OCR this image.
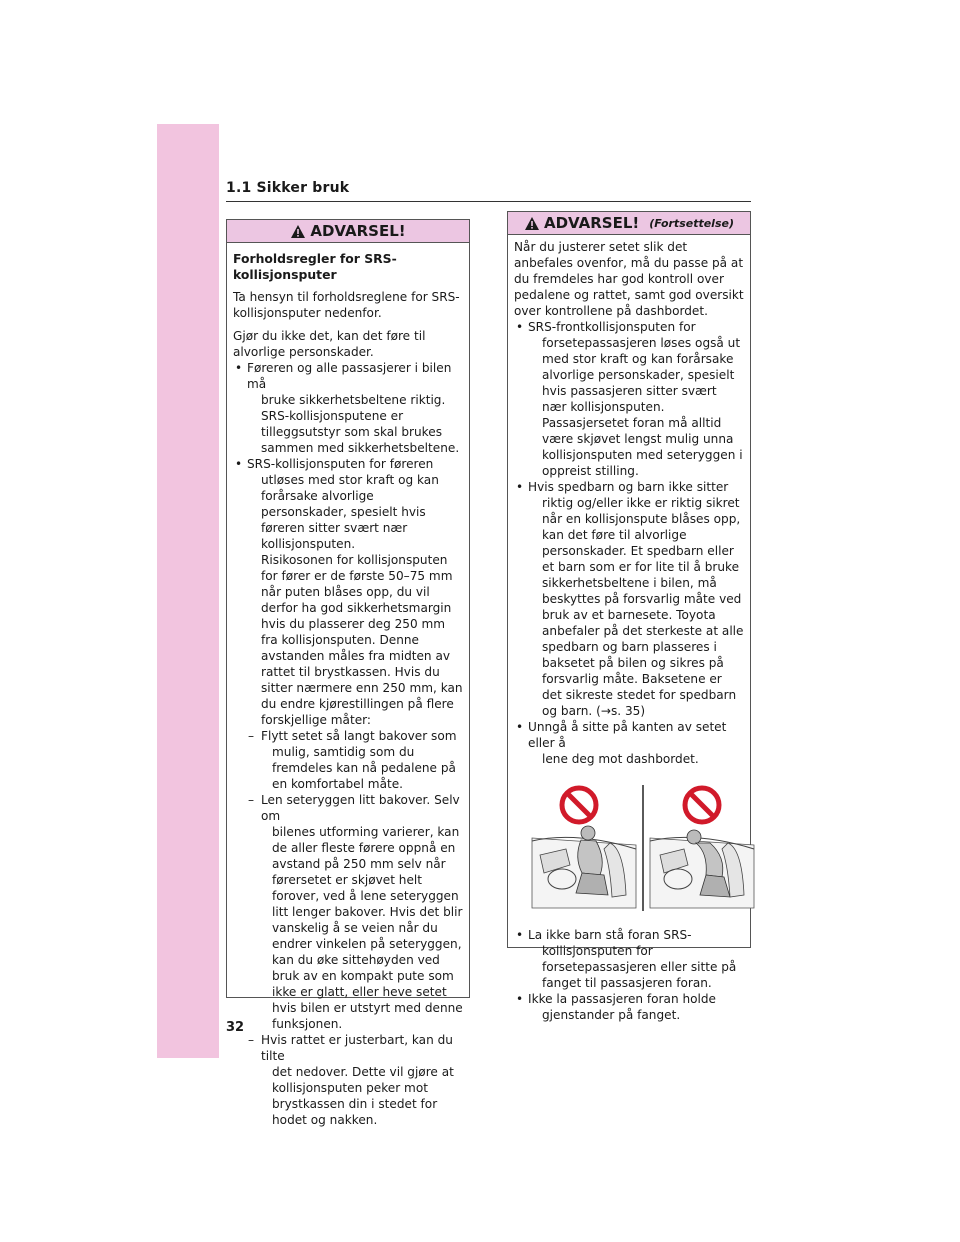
1.1 Sikker bruk
ADVARSEL!
Forholdsregler for SRS-kollisjonsputer

Ta hensyn til forholdsreglene for SRS-kollisjonsputer nedenfor.

Gjør du ikke det, kan det føre til alvorlige personskader.

• Føreren og alle passasjerer i bilen må
bruke sikkerhetsbeltene riktig.

SRS-kollisjonsputene er tilleggsutstyr som skal brukes sammen med sikkerhetsbeltene.

• SRS-kollisjonsputen for føreren
utløses med stor kraft og kan forårsake alvorlige personskader, spesielt hvis føreren sitter svært nær kollisjonsputen.

Risikosonen for kollisjonsputen for fører er de første 50–75 mm når puten blåses opp, du vil derfor ha god sikkerhetsmargin hvis du plasserer deg 250 mm fra kollisjonsputen. Denne avstanden måles fra midten av rattet til brystkassen. Hvis du sitter nærmere enn 250 mm, kan du endre kjørestillingen på flere forskjellige måter:

– Flytt setet så langt bakover som
mulig, samtidig som du fremdeles kan nå pedalene på en komfortabel måte.
– Len seteryggen litt bakover. Selv om
bilenes utforming varierer, kan de aller fleste førere oppnå en avstand på 250 mm selv når førersetet er skjøvet helt forover, ved å lene seteryggen litt lenger bakover. Hvis det blir vanskelig å se veien når du endrer vinkelen på seteryggen, kan du øke sittehøyden ved bruk av en kompakt pute som ikke er glatt, eller heve setet hvis bilen er utstyrt med denne funksjonen.
– Hvis rattet er justerbart, kan du tilte
det nedover. Dette vil gjøre at kollisjonsputen peker mot brystkassen din i stedet for hodet og nakken.
ADVARSEL! (Fortsettelse)

Når du justerer setet slik det anbefales ovenfor, må du passe på at du fremdeles har god kontroll over pedalene og rattet, samt god oversikt over kontrollene på dashbordet.

• SRS-frontkollisjonsputen for
forsetepassasjeren løses også ut med stor kraft og kan forårsake alvorlige personskader, spesielt hvis passasjeren sitter svært nær kollisjonsputen. Passasjersetet foran må alltid være skjøvet lengst mulig unna kollisjonsputen med seteryggen i oppreist stilling.
• Hvis spedbarn og barn ikke sitter
riktig og/eller ikke er riktig sikret når en kollisjonspute blåses opp, kan det føre til alvorlige personskader. Et spedbarn eller et barn som er for lite til å bruke sikkerhetsbeltene i bilen, må beskyttes på forsvarlig måte ved bruk av et barnesete. Toyota anbefaler på det sterkeste at alle spedbarn og barn plasseres i baksetet på bilen og sikres på forsvarlig måte. Baksetene er det sikreste stedet for spedbarn og barn. (→s. 35)
• Unngå å sitte på kanten av setet eller å
lene deg mot dashbordet.
• La ikke barn stå foran SRS-
kollisjonsputen for forsetepassasjeren eller sitte på fanget til passasjeren foran.
• Ikke la passasjeren foran holde
gjenstander på fanget.
32
